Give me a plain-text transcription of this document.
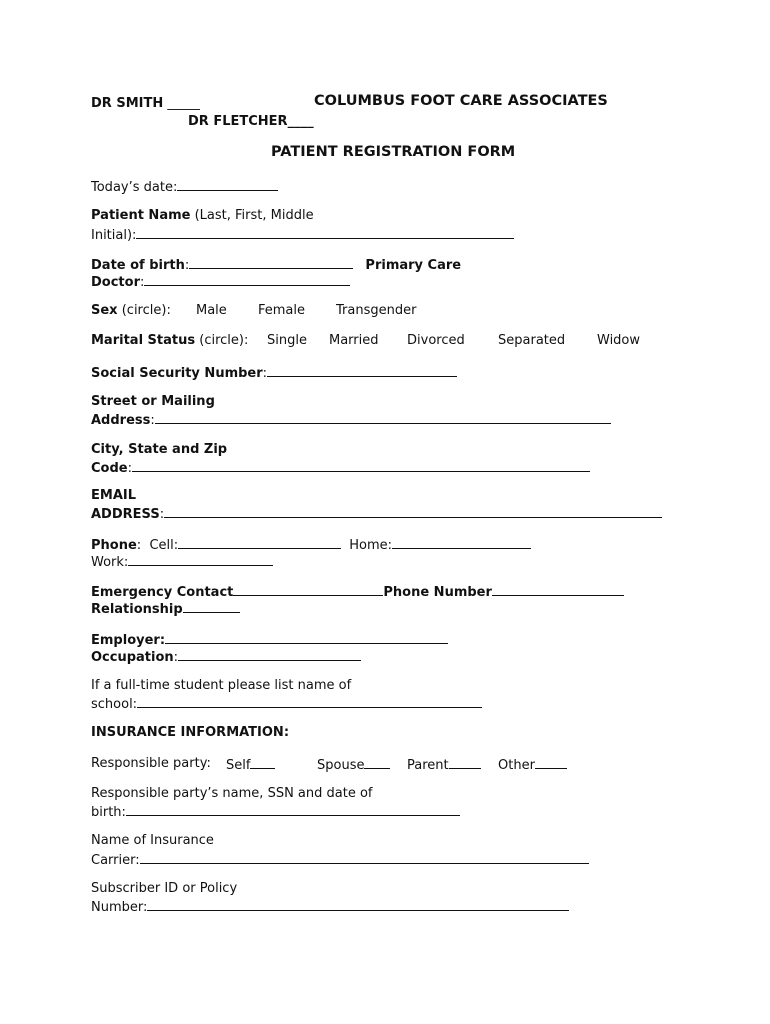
DR SMITH _____	COLUMBUS FOOT CARE ASSOCIATES
DR FLETCHER____
PATIENT REGISTRATION FORM
Today’s date:
Patient Name (Last, First, Middle
Initial):
Date of birth:	Primary Care
Doctor:
Sex (circle): Male Female Transgender
Marital Status (circle): Single Married Divorced	Separated Widow
Social Security Number:
Street or Mailing
Address:
City, State and Zip
Code:
EMAIL
ADDRESS:
Phone:  Cell:	Home:
Work:
Emergency Contact	Phone Number
Relationship
Employer:
Occupation:
If a full-time student please list name of
school:
INSURANCE INFORMATION:
Responsible party: Self	Spouse	Parent	Other
Responsible party’s name, SSN and date of
birth:
Name of Insurance
Carrier:
Subscriber ID or Policy
Number:
